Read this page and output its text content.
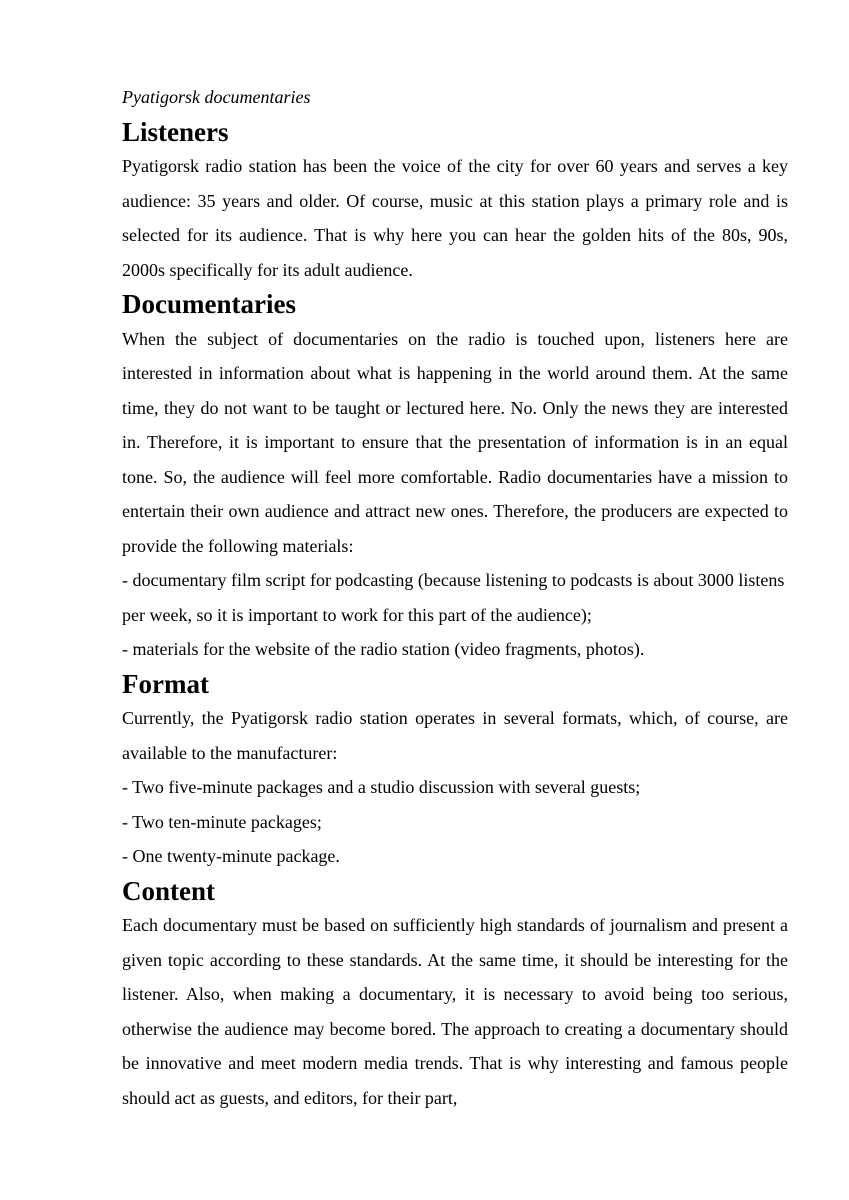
Pyatigorsk documentaries

Listeners

Pyatigorsk radio station has been the voice of the city for over 60 years and serves a key audience: 35 years and older. Of course, music at this station plays a primary role and is selected for its audience. That is why here you can hear the golden hits of the 80s, 90s, 2000s specifically for its adult audience.

Documentaries

When the subject of documentaries on the radio is touched upon, listeners here are interested in information about what is happening in the world around them. At the same time, they do not want to be taught or lectured here. No. Only the news they are interested in. Therefore, it is important to ensure that the presentation of information is in an equal tone. So, the audience will feel more comfortable. Radio documentaries have a mission to entertain their own audience and attract new ones. Therefore, the producers are expected to provide the following materials:

- documentary film script for podcasting (because listening to podcasts is about 3000 listens per week, so it is important to work for this part of the audience);

- materials for the website of the radio station (video fragments, photos).

Format

Currently, the Pyatigorsk radio station operates in several formats, which, of course, are available to the manufacturer:

- Two five-minute packages and a studio discussion with several guests;

- Two ten-minute packages;

- One twenty-minute package.

Content

Each documentary must be based on sufficiently high standards of journalism and present a given topic according to these standards. At the same time, it should be interesting for the listener. Also, when making a documentary, it is necessary to avoid being too serious, otherwise the audience may become bored. The approach to creating a documentary should be innovative and meet modern media trends. That is why interesting and famous people should act as guests, and editors, for their part,
